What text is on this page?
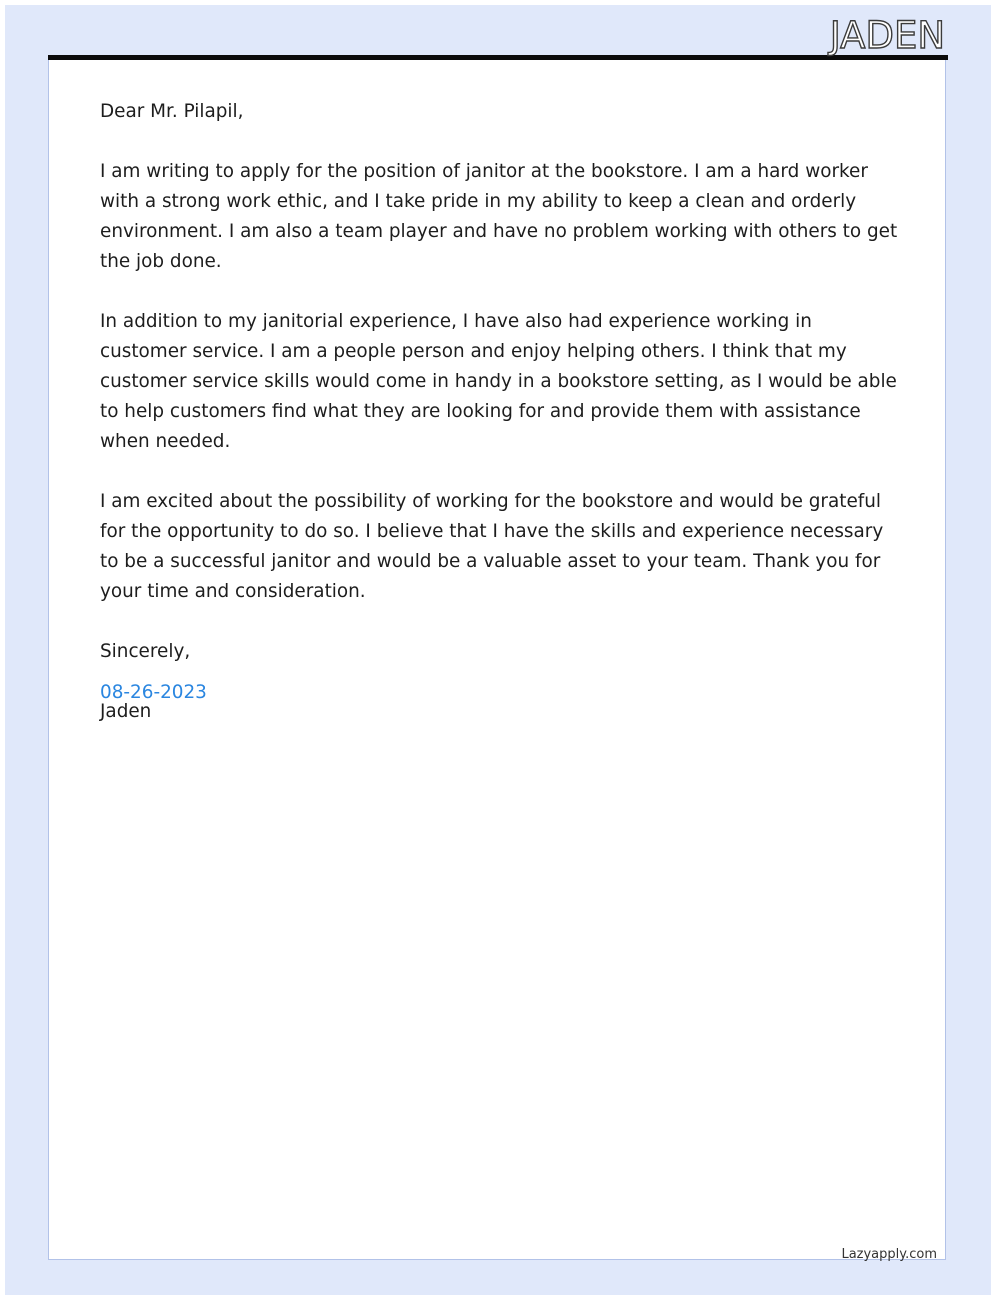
JADEN

Dear Mr. Pilapil,

I am writing to apply for the position of janitor at the bookstore. I am a hard worker with a strong work ethic, and I take pride in my ability to keep a clean and orderly environment. I am also a team player and have no problem working with others to get the job done.

In addition to my janitorial experience, I have also had experience working in customer service. I am a people person and enjoy helping others. I think that my customer service skills would come in handy in a bookstore setting, as I would be able to help customers find what they are looking for and provide them with assistance when needed.

I am excited about the possibility of working for the bookstore and would be grateful for the opportunity to do so. I believe that I have the skills and experience necessary to be a successful janitor and would be a valuable asset to your team. Thank you for your time and consideration.

Sincerely,

Jaden

08-26-2023
Lazyapply.com
